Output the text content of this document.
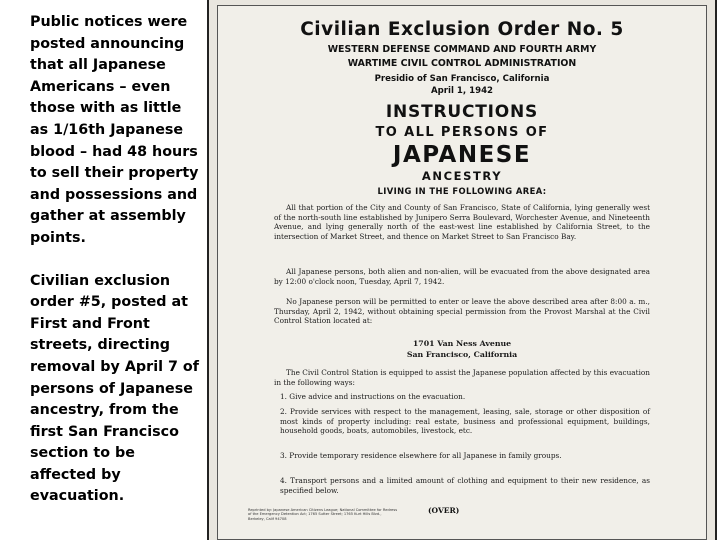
Public notices were posted announcing that all Japanese Americans – even those with as little as 1/16th Japanese blood – had 48 hours to sell their property and possessions and gather at assembly points.

Civilian exclusion order #5, posted at First and Front streets, directing removal by April 7 of persons of Japanese ancestry, from the first San Francisco section to be affected by evacuation.

Civilian Exclusion Order No. 5
WESTERN DEFENSE COMMAND AND FOURTH ARMY
WARTIME CIVIL CONTROL ADMINISTRATION
Presidio of San Francisco, California
April 1, 1942
INSTRUCTIONS
TO ALL PERSONS OF
JAPANESE
ANCESTRY
LIVING IN THE FOLLOWING AREA:
All that portion of the City and County of San Francisco, State of California, lying generally west of the north-south line established by Junipero Serra Boulevard, Worchester Avenue, and Nineteenth Avenue, and lying generally north of the east-west line established by California Street, to the intersection of Market Street, and thence on Market Street to San Francisco Bay.
All Japanese persons, both alien and non-alien, will be evacuated from the above designated area by 12:00 o'clock noon, Tuesday, April 7, 1942.
No Japanese person will be permitted to enter or leave the above described area after 8:00 a. m., Thursday, April 2, 1942, without obtaining special permission from the Provost Marshal at the Civil Control Station located at:
1701 Van Ness Avenue
San Francisco, California
The Civil Control Station is equipped to assist the Japanese population affected by this evacuation in the following ways:
1. Give advice and instructions on the evacuation.
2. Provide services with respect to the management, leasing, sale, storage or other disposition of most kinds of property including: real estate, business and professional equipment, buildings, household goods, boats, automobiles, livestock, etc.
3. Provide temporary residence elsewhere for all Japanese in family groups.
4. Transport persons and a limited amount of clothing and equipment to their new residence, as specified below.
Reprinted by: Japanese American Citizens League; National Committee for Redress of the Emergency Detention Act; 1765 Sutter Street; 1765 Kurt Hills Blvd., Berkeley, Calif 94708
(OVER)
